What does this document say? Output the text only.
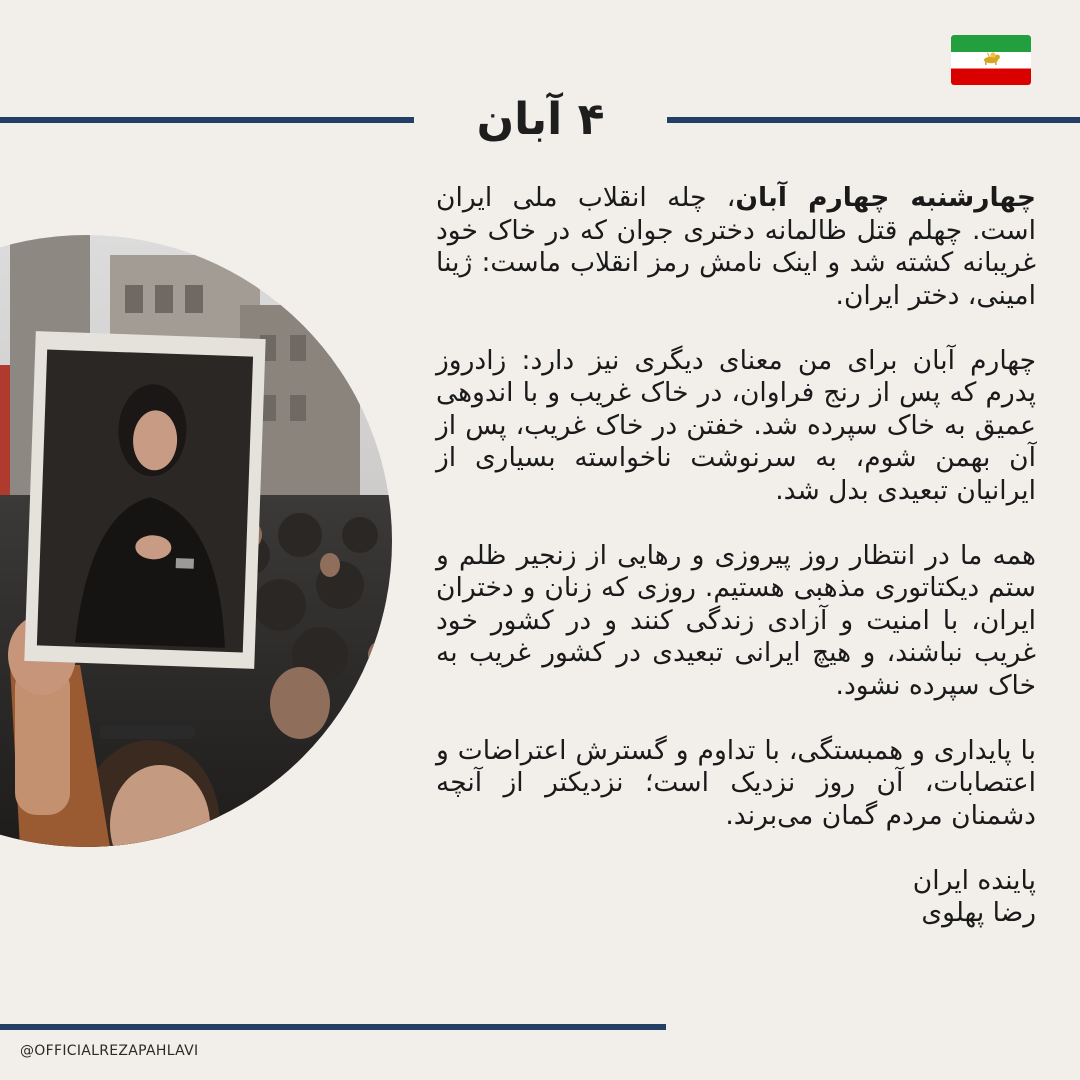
۴ آبان

چهارشنبه چهارم آبان، چله انقلاب ملی ایران است. چهلم قتل ظالمانه دختری جوان که در خاک خود غریبانه کشته شد و اینک نامش رمز انقلاب ماست: ژینا امینی، دختر ایران.

چهارم آبان برای من معنای دیگری نیز دارد: زادروز پدرم که پس از رنج فراوان، در خاک غریب و با اندوهی عمیق به خاک سپرده شد. خفتن در خاک غریب، پس از آن بهمن شوم، به سرنوشت ناخواسته بسیاری از ایرانیان تبعیدی بدل شد.

همه ما در انتظار روز پیروزی و رهایی از زنجیر ظلم و ستم دیکتاتوری مذهبی هستیم. روزی که زنان و دختران ایران، با امنیت و آزادی زندگی کنند و در کشور خود غریب نباشند، و هیچ ایرانی تبعیدی در کشور غریب به خاک سپرده نشود.

با پایداری و همبستگی، با تداوم و گسترش اعتراضات و اعتصابات، آن روز نزدیک است؛ نزدیکتر از آنچه دشمنان مردم گمان می‌برند.

پاینده ایران

رضا پهلوی

@OFFICIALREZAPAHLAVI
